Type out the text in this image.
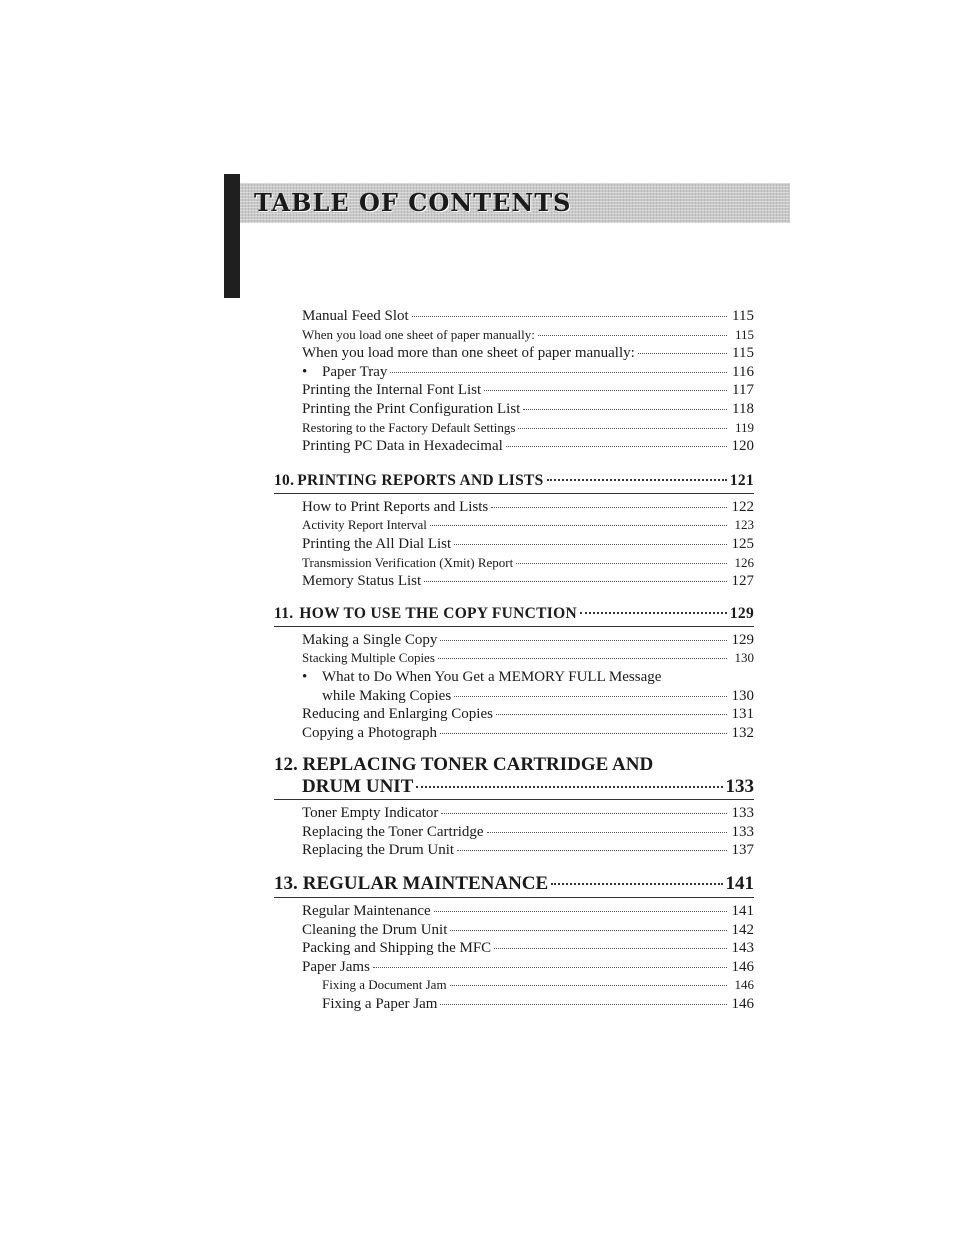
TABLE OF CONTENTS
Manual Feed Slot	115
When you load one sheet of paper manually:	115
When you load more than one sheet of paper manually:	115
• Paper Tray	116
Printing the Internal Font List	117
Printing the Print Configuration List	118
Restoring to the Factory Default Settings	119
Printing PC Data in Hexadecimal	120
10. PRINTING REPORTS AND LISTS	121
How to Print Reports and Lists	122
Activity Report Interval	123
Printing the All Dial List	125
Transmission Verification (Xmit) Report	126
Memory Status List	127
11. HOW TO USE THE COPY FUNCTION	129
Making a Single Copy	129
Stacking Multiple Copies	130
• What to Do When You Get a MEMORY FULL Message
while Making Copies	130
Reducing and Enlarging Copies	131
Copying a Photograph	132
12. REPLACING TONER CARTRIDGE AND
DRUM UNIT	133
Toner Empty Indicator	133
Replacing the Toner Cartridge	133
Replacing the Drum Unit	137
13. REGULAR MAINTENANCE	141
Regular Maintenance	141
Cleaning the Drum Unit	142
Packing and Shipping the MFC	143
Paper Jams	146
Fixing a Document Jam	146
Fixing a Paper Jam	146
